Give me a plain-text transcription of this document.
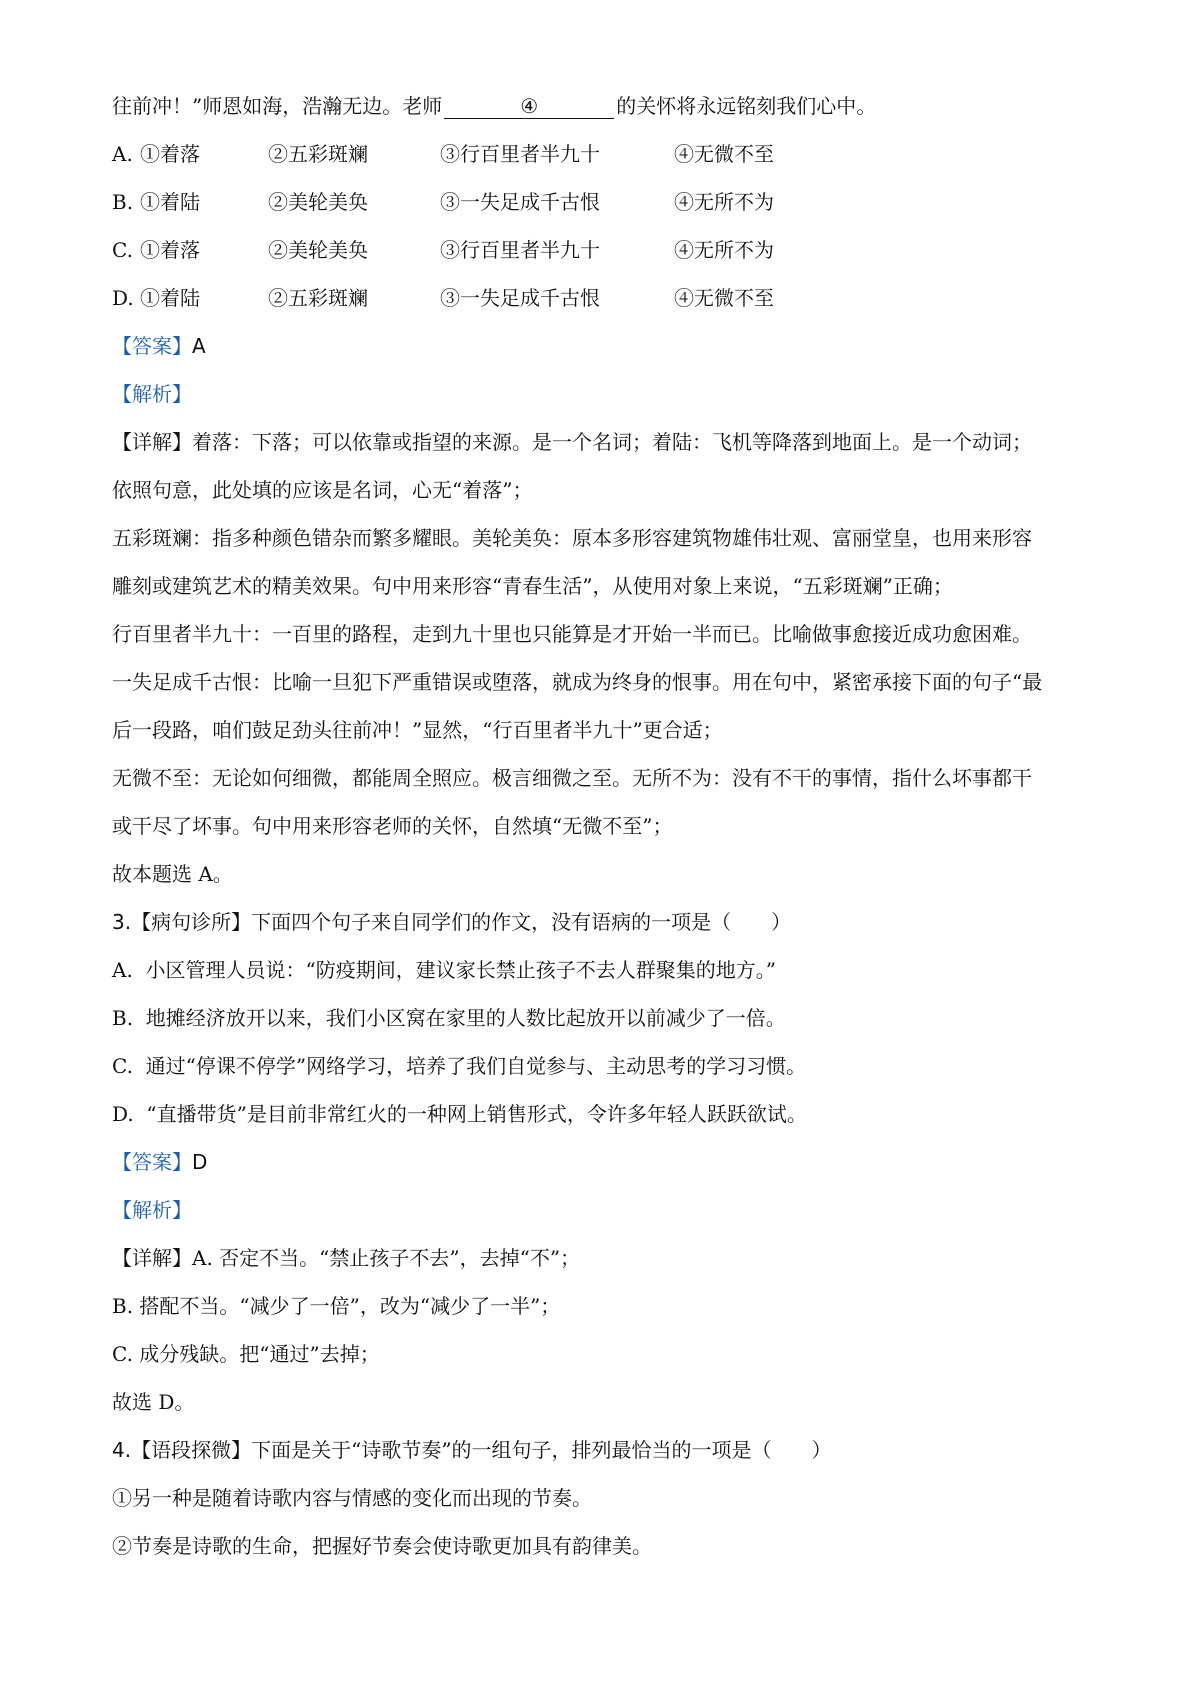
往前冲！”师恩如海，浩瀚无边。老师	④	的关怀将永远铭刻我们心中。
A. ①着落	②五彩斑斓	③行百里者半九十	④无微不至
B. ①着陆	②美轮美奂	③一失足成千古恨	④无所不为
C. ①着落	②美轮美奂	③行百里者半九十	④无所不为
D. ①着陆	②五彩斑斓	③一失足成千古恨	④无微不至
【答案】A
【解析】
【详解】着落：下落；可以依靠或指望的来源。是一个名词；着陆：飞机等降落到地面上。是一个动词；
依照句意，此处填的应该是名词，心无“着落”；
五彩斑斓：指多种颜色错杂而繁多耀眼。美轮美奂：原本多形容建筑物雄伟壮观、富丽堂皇，也用来形容
雕刻或建筑艺术的精美效果。句中用来形容“青春生活”，从使用对象上来说，“五彩斑斓”正确；
行百里者半九十：一百里的路程，走到九十里也只能算是才开始一半而已。比喻做事愈接近成功愈困难。
一失足成千古恨：比喻一旦犯下严重错误或堕落，就成为终身的恨事。用在句中，紧密承接下面的句子“最
后一段路，咱们鼓足劲头往前冲！”显然，“行百里者半九十”更合适；
无微不至：无论如何细微，都能周全照应。极言细微之至。无所不为：没有不干的事情，指什么坏事都干
或干尽了坏事。句中用来形容老师的关怀，自然填“无微不至”；
故本题选 A。
3.【病句诊所】下面四个句子来自同学们的作文，没有语病的一项是（　　）
A. 小区管理人员说：“防疫期间，建议家长禁止孩子不去人群聚集的地方。”
B. 地摊经济放开以来，我们小区窝在家里的人数比起放开以前减少了一倍。
C. 通过“停课不停学”网络学习，培养了我们自觉参与、主动思考的学习习惯。
D. “直播带货”是目前非常红火的一种网上销售形式，令许多年轻人跃跃欲试。
【答案】D
【解析】
【详解】A. 否定不当。“禁止孩子不去”，去掉“不”；
B. 搭配不当。“减少了一倍”，改为“减少了一半”；
C. 成分残缺。把“通过”去掉；
故选 D。
4.【语段探微】下面是关于“诗歌节奏”的一组句子，排列最恰当的一项是（　　）
①另一种是随着诗歌内容与情感的变化而出现的节奏。
②节奏是诗歌的生命，把握好节奏会使诗歌更加具有韵律美。
